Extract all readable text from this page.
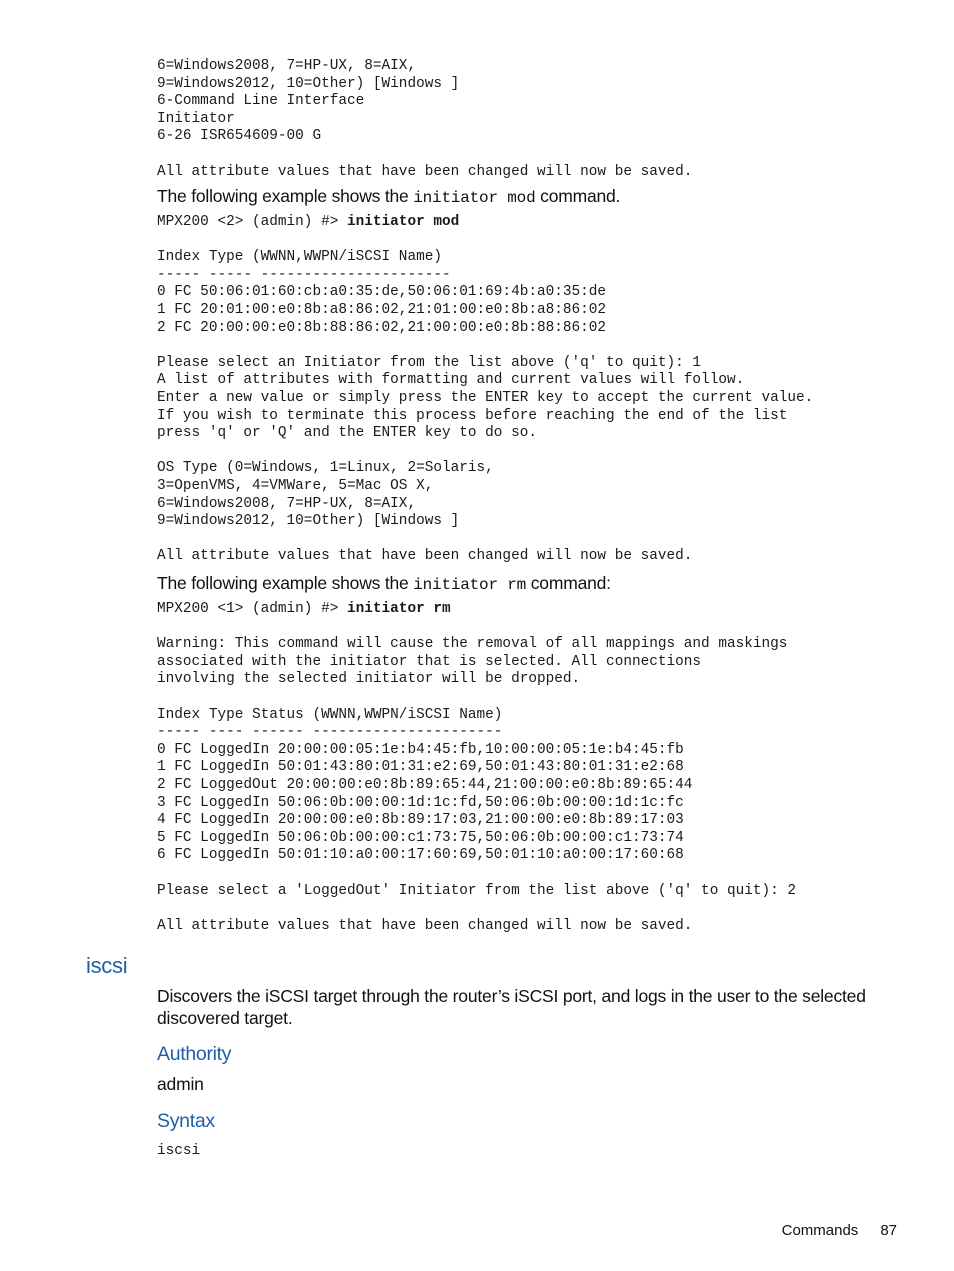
6=Windows2008, 7=HP-UX, 8=AIX,
9=Windows2012, 10=Other) [Windows ]
6-Command Line Interface
Initiator
6-26 ISR654609-00 G

All attribute values that have been changed will now be saved.

The following example shows the initiator mod command.

MPX200 <2> (admin) #> initiator mod

Index Type (WWNN,WWPN/iSCSI Name)
----- ----- ----------------------
0 FC 50:06:01:60:cb:a0:35:de,50:06:01:69:4b:a0:35:de
1 FC 20:01:00:e0:8b:a8:86:02,21:01:00:e0:8b:a8:86:02
2 FC 20:00:00:e0:8b:88:86:02,21:00:00:e0:8b:88:86:02

Please select an Initiator from the list above ('q' to quit): 1
A list of attributes with formatting and current values will follow.
Enter a new value or simply press the ENTER key to accept the current value.
If you wish to terminate this process before reaching the end of the list
press 'q' or 'Q' and the ENTER key to do so.

OS Type (0=Windows, 1=Linux, 2=Solaris,
3=OpenVMS, 4=VMWare, 5=Mac OS X,
6=Windows2008, 7=HP-UX, 8=AIX,
9=Windows2012, 10=Other) [Windows ]

All attribute values that have been changed will now be saved.

The following example shows the initiator rm command:

MPX200 <1> (admin) #> initiator rm

Warning: This command will cause the removal of all mappings and maskings
associated with the initiator that is selected. All connections
involving the selected initiator will be dropped.

Index Type Status (WWNN,WWPN/iSCSI Name)
----- ---- ------ ----------------------
0 FC LoggedIn 20:00:00:05:1e:b4:45:fb,10:00:00:05:1e:b4:45:fb
1 FC LoggedIn 50:01:43:80:01:31:e2:69,50:01:43:80:01:31:e2:68
2 FC LoggedOut 20:00:00:e0:8b:89:65:44,21:00:00:e0:8b:89:65:44
3 FC LoggedIn 50:06:0b:00:00:1d:1c:fd,50:06:0b:00:00:1d:1c:fc
4 FC LoggedIn 20:00:00:e0:8b:89:17:03,21:00:00:e0:8b:89:17:03
5 FC LoggedIn 50:06:0b:00:00:c1:73:75,50:06:0b:00:00:c1:73:74
6 FC LoggedIn 50:01:10:a0:00:17:60:69,50:01:10:a0:00:17:60:68

Please select a 'LoggedOut' Initiator from the list above ('q' to quit): 2

All attribute values that have been changed will now be saved.
iscsi

Discovers the iSCSI target through the router’s iSCSI port, and logs in the user to the selected discovered target.

Authority

admin

Syntax
iscsi
Commands 87
